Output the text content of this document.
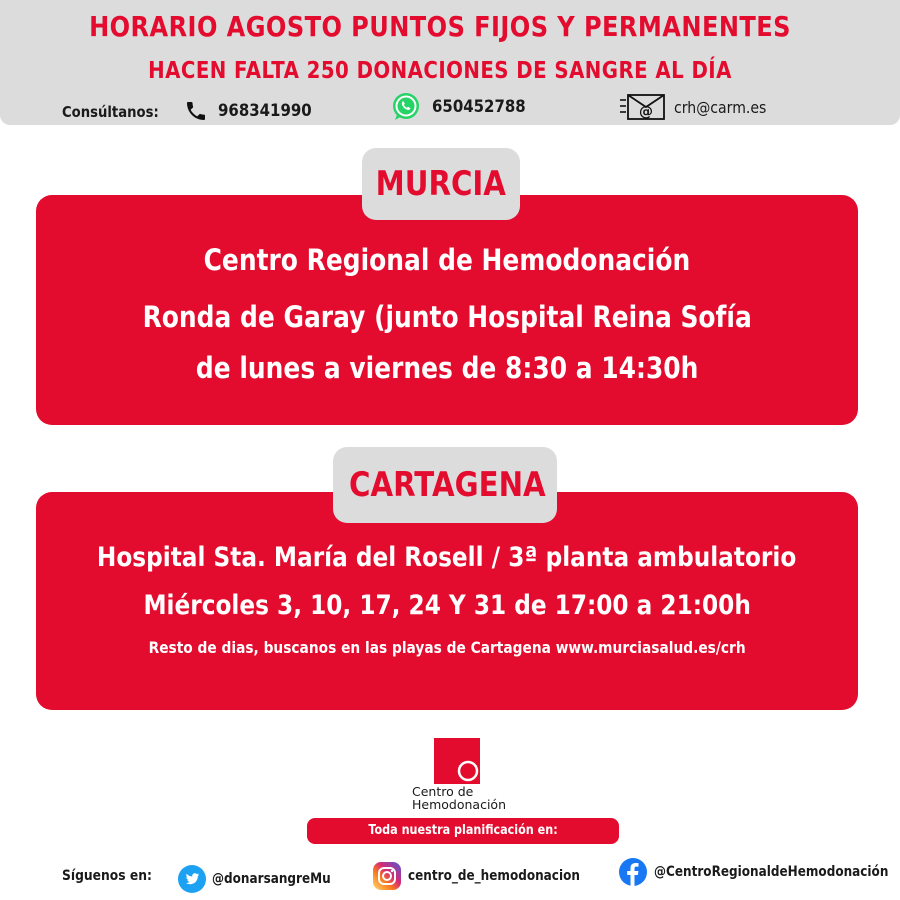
HORARIO AGOSTO PUNTOS FIJOS Y PERMANENTES
HACEN FALTA 250 DONACIONES DE SANGRE AL DÍA
Consúltanos:	968341990	650452788	@ crh@carm.es
Centro Regional de Hemodonación
Ronda de Garay (junto Hospital Reina Sofía
de lunes a viernes de 8:30 a 14:30h
MURCIA
Hospital Sta. María del Rosell / 3ª planta ambulatorio
Miércoles 3, 10, 17, 24 Y 31 de 17:00 a 21:00h
Resto de dias, buscanos en las playas de Cartagena www.murciasalud.es/crh
CARTAGENA
Centro de
Hemodonación
Toda nuestra planificación en: murciasalud.es/crh
Síguenos en:	@donarsangreMu	centro_de_hemodonacion	@CentroRegionaldeHemodonación
